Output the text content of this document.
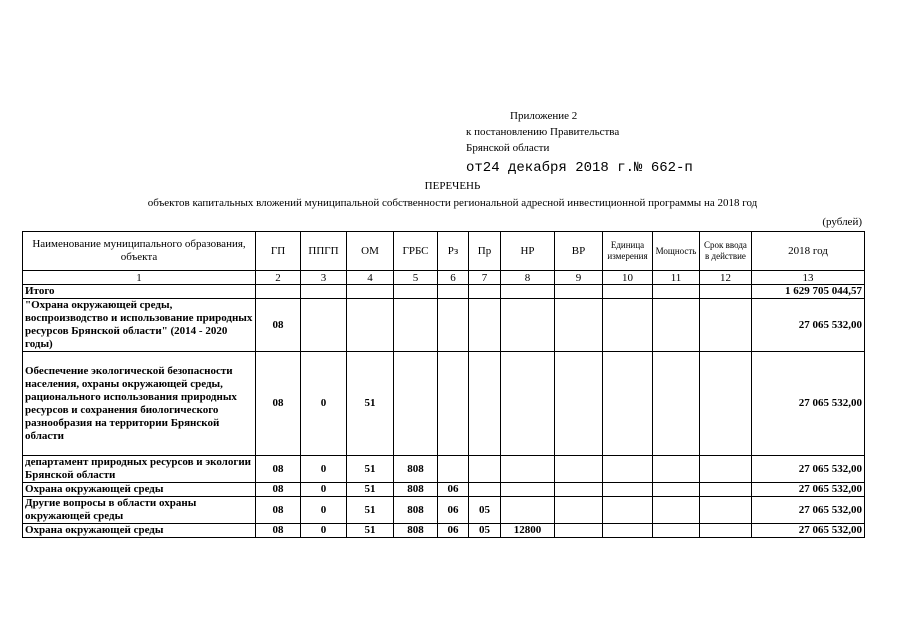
Приложение 2
к постановлению Правительства
Брянской области
от24 декабря 2018 г.№ 662-п
ПЕРЕЧЕНЬ
объектов капитальных вложений муниципальной собственности региональной адресной инвестиционной программы на 2018 год
(рублей)
Наименование муниципального образования, объекта	ГП	ППГП	ОМ	ГРБС	Рз	Пр	НР	ВР	Единица измерения	Мощность	Срок ввода в действие	2018 год
1	2	3	4	5	6	7	8	9	10	11	12	13
Итого												1 629 705 044,57
"Охрана окружающей среды, воспроизводство и использование природных ресурсов Брянской области" (2014 - 2020 годы)	08											27 065 532,00
Обеспечение экологической безопасности населения, охраны окружающей среды, рационального использования природных ресурсов и сохранения биологического разнообразия на территории Брянской области	08	0	51									27 065 532,00
департамент природных ресурсов и экологии Брянской области	08	0	51	808								27 065 532,00
Охрана окружающей среды	08	0	51	808	06							27 065 532,00
Другие вопросы в области охраны окружающей среды	08	0	51	808	06	05						27 065 532,00
Охрана окружающей среды	08	0	51	808	06	05	12800					27 065 532,00
